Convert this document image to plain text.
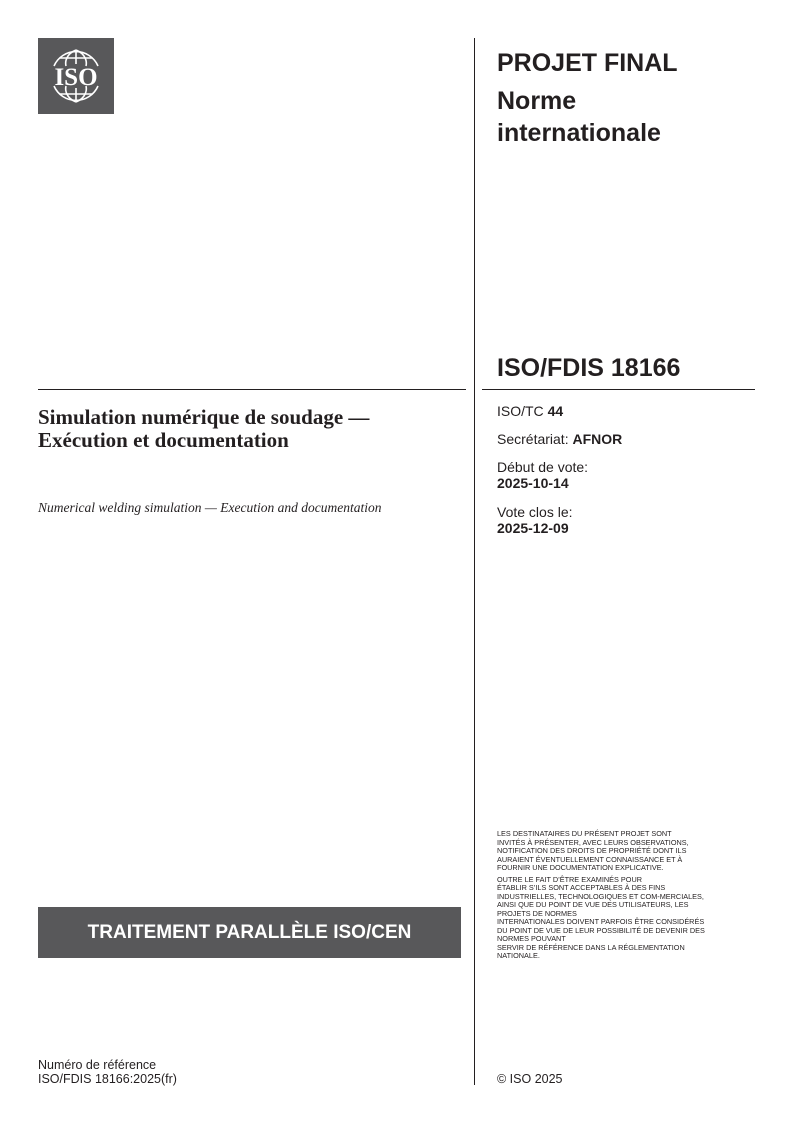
ISO
PROJET FINAL
Norme
internationale
ISO/FDIS 18166
ISO/TC 44
Secrétariat: AFNOR
Début de vote:
2025-10-14
Vote clos le:
2025-12-09
Simulation numérique de soudage — Exécution et documentation
Numerical welding simulation — Execution and documentation
TRAITEMENT PARALLÈLE ISO/CEN

LES DESTINATAIRES DU PRÉSENT PROJET SONT
INVITÉS À PRÉSENTER, AVEC LEURS OBSERVATIONS,
NOTIFICATION DES DROITS DE PROPRIÉTÉ DONT ILS
AURAIENT ÉVENTUELLEMENT CONNAISSANCE ET À
FOURNIR UNE DOCUMENTATION EXPLICATIVE.

OUTRE LE FAIT D’ÊTRE EXAMINÉS POUR
ÉTABLIR S’ILS SONT ACCEPTABLES À DES FINS
INDUSTRIELLES, TECHNOLOGIQUES ET COM-MERCIALES,
AINSI QUE DU POINT DE VUE DES UTILISATEURS, LES
PROJETS DE NORMES
INTERNATIONALES DOIVENT PARFOIS ÊTRE CONSIDÉRÉS
DU POINT DE VUE DE LEUR POSSIBILITÉ DE DEVENIR DES
NORMES POUVANT
SERVIR DE RÉFÉRENCE DANS LA RÉGLEMENTATION
NATIONALE.

Numéro de référence
ISO/FDIS 18166:2025(fr)	© ISO 2025
